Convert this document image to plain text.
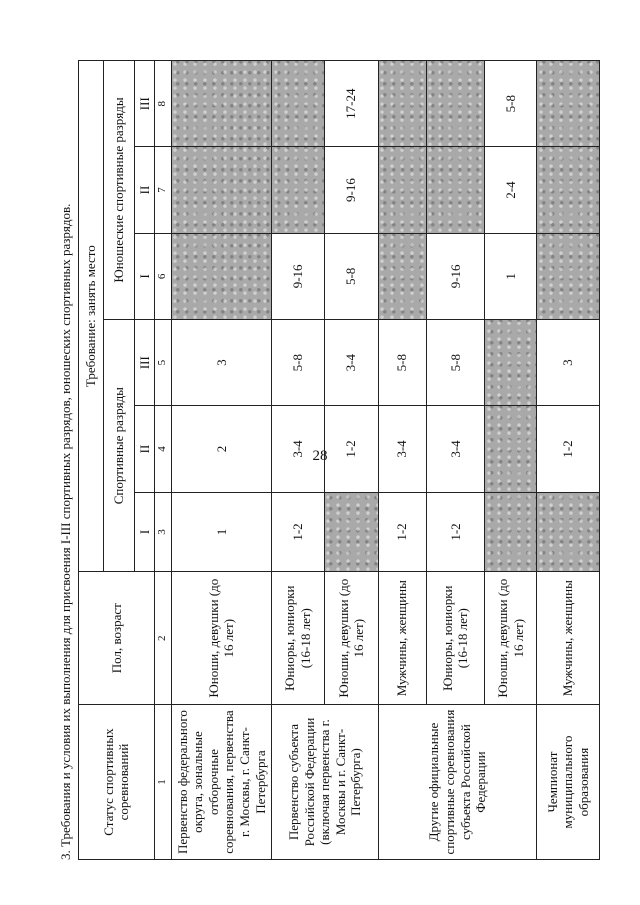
28
3. Требования и условия их выполнения для присвоения I-III спортивных разрядов, юношеских спортивных разрядов. Статус спортивных соревнований	Пол, возраст	Требование: занять место					
		Спортивные разряды			Юношеские спортивные разряды		
		I	II	III	I	II	III
1	2	3	4	5	6	7	8
Первенство федерального округа, зональные отборочные соревнования, первенства г. Москвы, г. Санкт-Петербурга	Юноши, девушки (до 16 лет)	1	2	3			
Первенство субъекта Российской Федерации (включая первенства г. Москвы и г. Санкт-Петербурга)	Юниоры, юниорки (16-18 лет)	1-2	3-4	5-8	9-16		
	Юноши, девушки (до 16 лет)		1-2	3-4	5-8	9-16	17-24
Другие официальные спортивные соревнования субъекта Российской Федерации	Мужчины, женщины	1-2	3-4	5-8			
	Юниоры, юниорки (16-18 лет)	1-2	3-4	5-8	9-16		
	Юноши, девушки (до 16 лет)				1	2-4	5-8
Чемпионат муниципального образования	Мужчины, женщины		1-2	3			
